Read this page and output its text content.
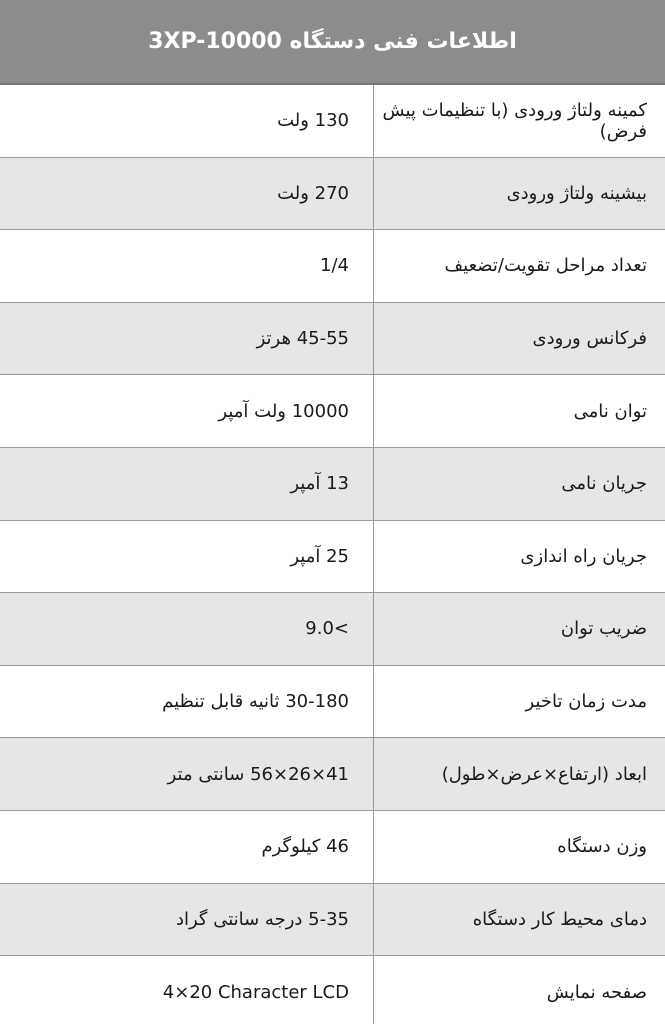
اطلاعات فنی دستگاه 3XP-10000
کمینه ولتاژ ورودی (با تنظیمات پیش فرض)
130 ولت
بیشینه ولتاژ ورودی
270 ولت
تعداد مراحل تقویت/تضعیف
1/4
فرکانس ورودی
45-55 هرتز
توان نامی
10000 ولت آمپر
جریان نامی
13 آمپر
جریان راه اندازی
25 آمپر
ضریب توان
9.0<
مدت زمان تاخیر
30-180 ثانیه قابل تنظیم
ابعاد (ارتفاع×عرض×طول)
41×26×56 سانتی متر
وزن دستگاه
46 کیلوگرم
دمای محیط کار دستگاه
5-35 درجه سانتی گراد
صفحه نمایش
4×20 Character LCD
